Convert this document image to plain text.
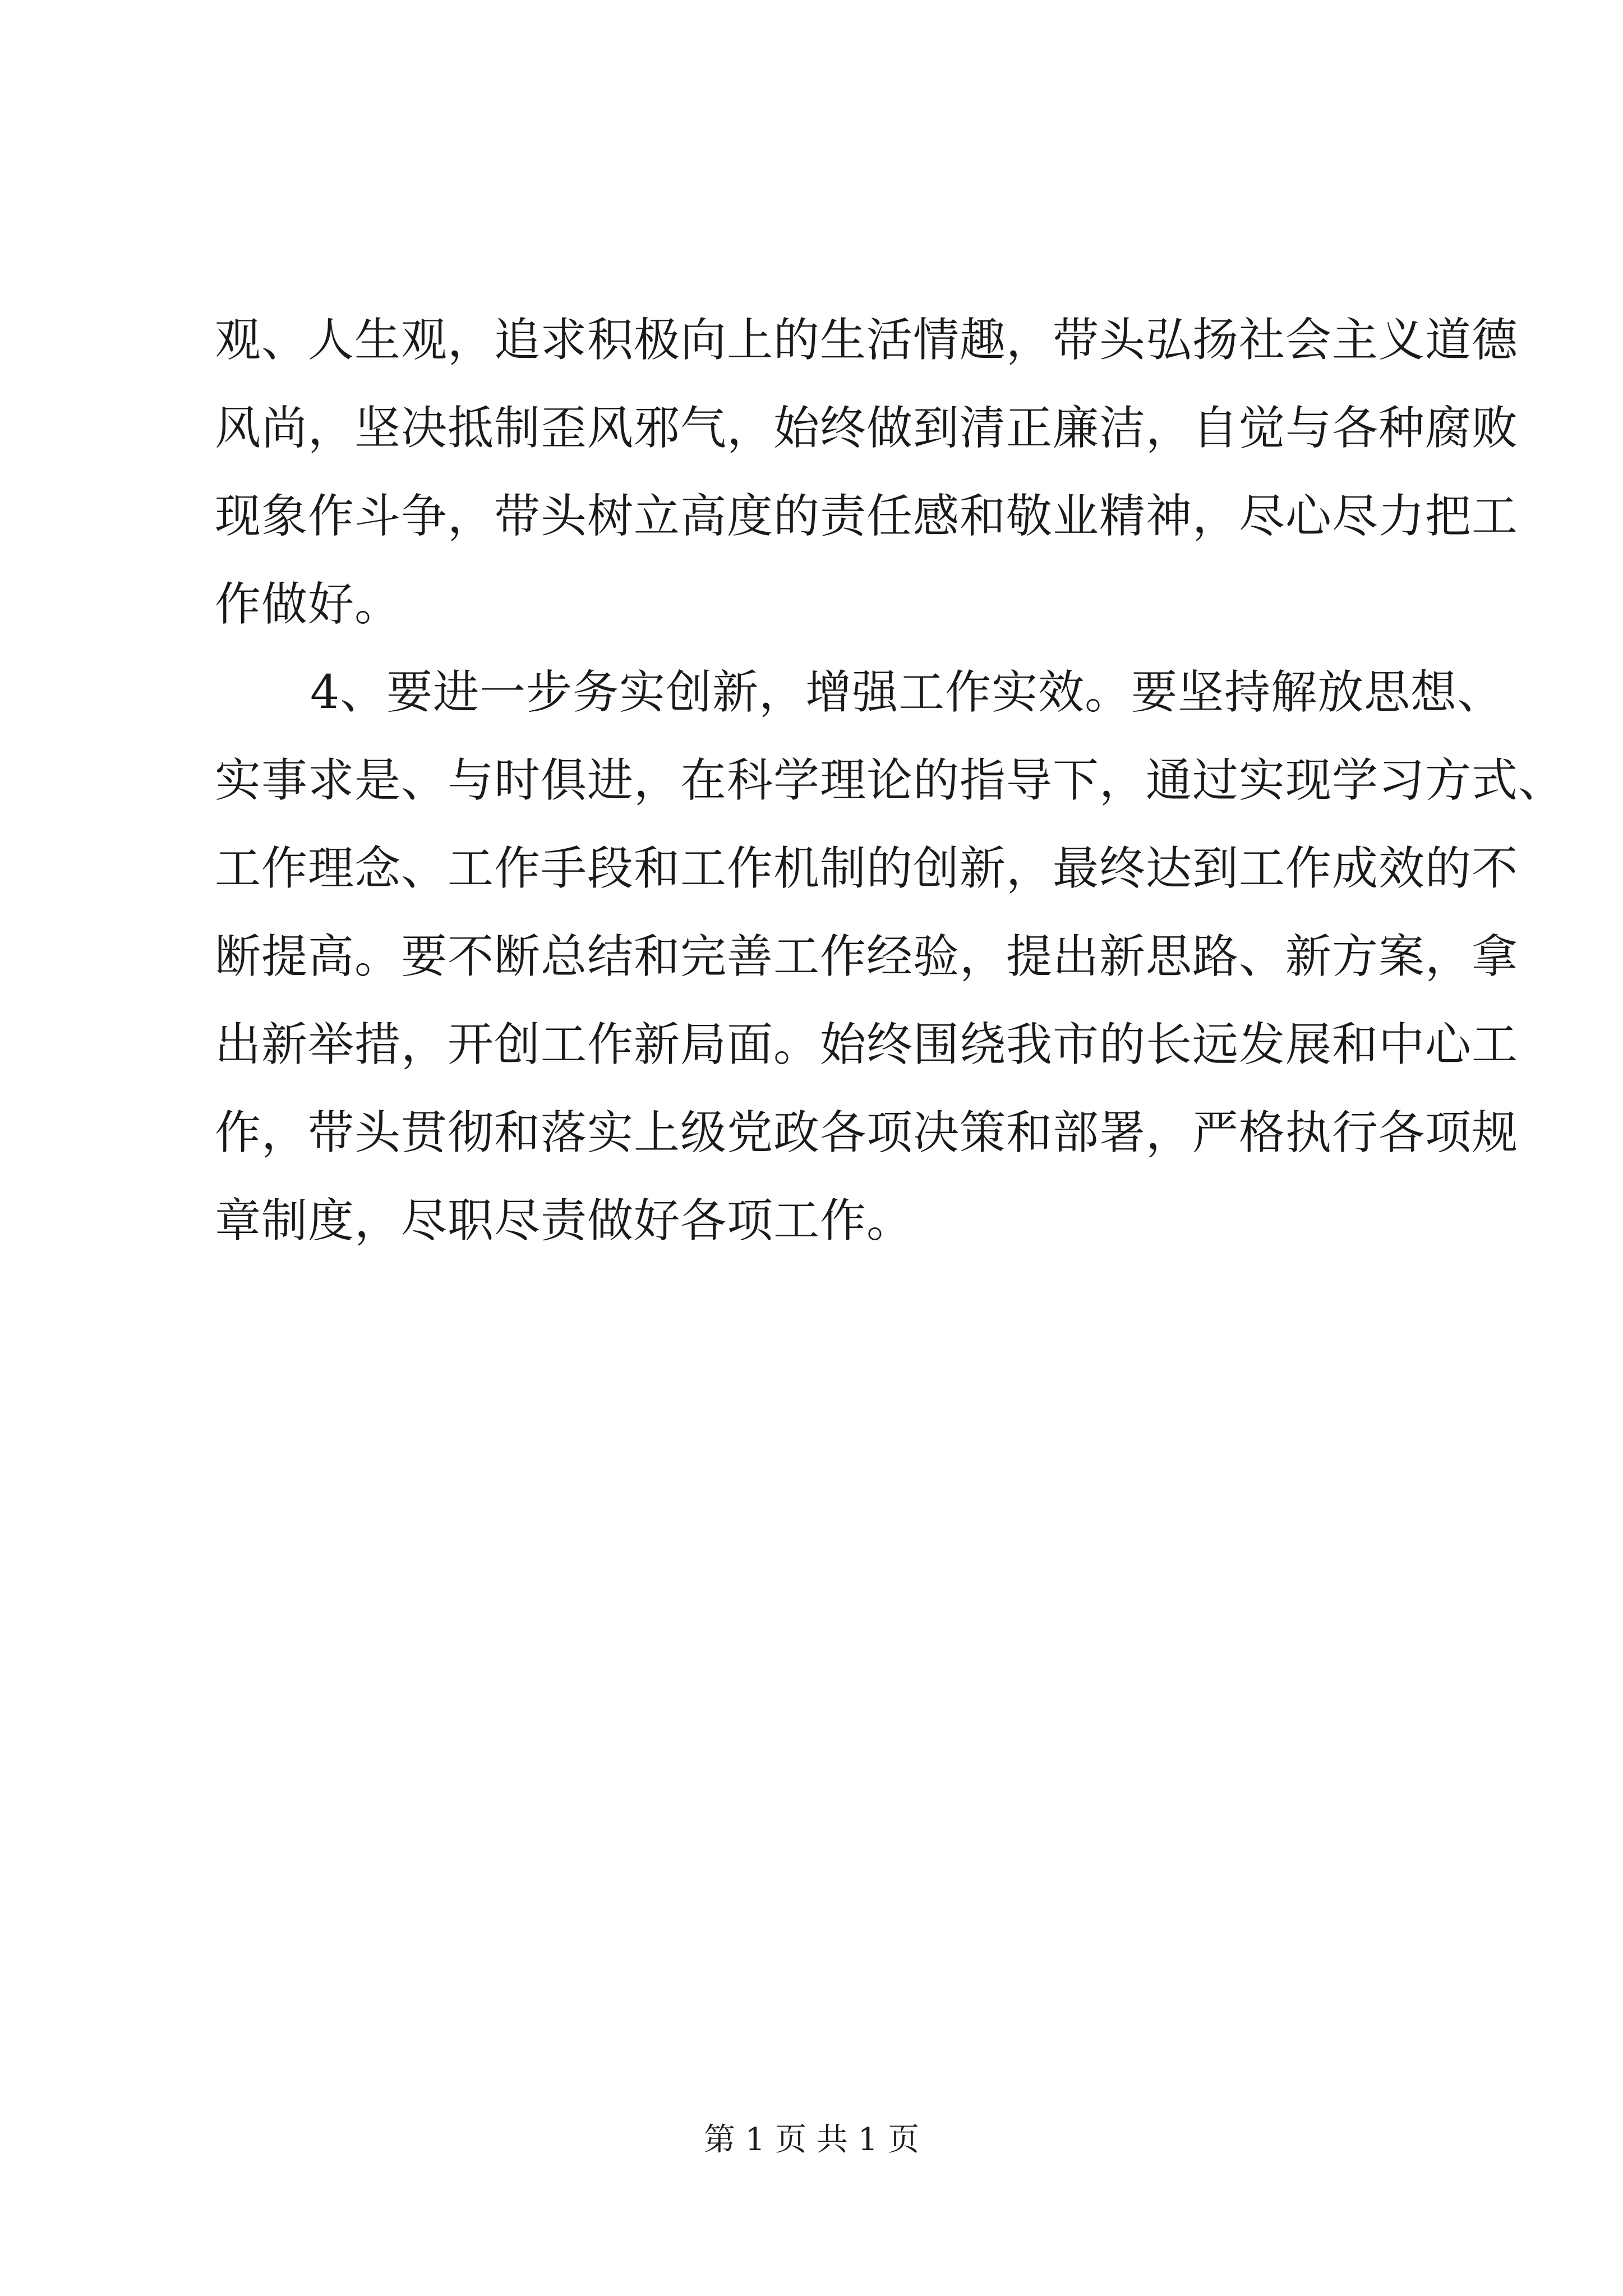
观、人生观，追求积极向上的生活情趣，带头弘扬社会主义道德
风尚，坚决抵制歪风邪气，始终做到清正廉洁，自觉与各种腐败
现象作斗争，带头树立高度的责任感和敬业精神，尽心尽力把工
作做好。
4、要进一步务实创新，增强工作实效。要坚持解放思想、
实事求是、与时俱进，在科学理论的指导下，通过实现学习方式、
工作理念、工作手段和工作机制的创新，最终达到工作成效的不
断提高。要不断总结和完善工作经验，提出新思路、新方案，拿
出新举措，开创工作新局面。始终围绕我市的长远发展和中心工
作，带头贯彻和落实上级党政各项决策和部署，严格执行各项规
章制度，尽职尽责做好各项工作。
第 1 页 共 1 页
